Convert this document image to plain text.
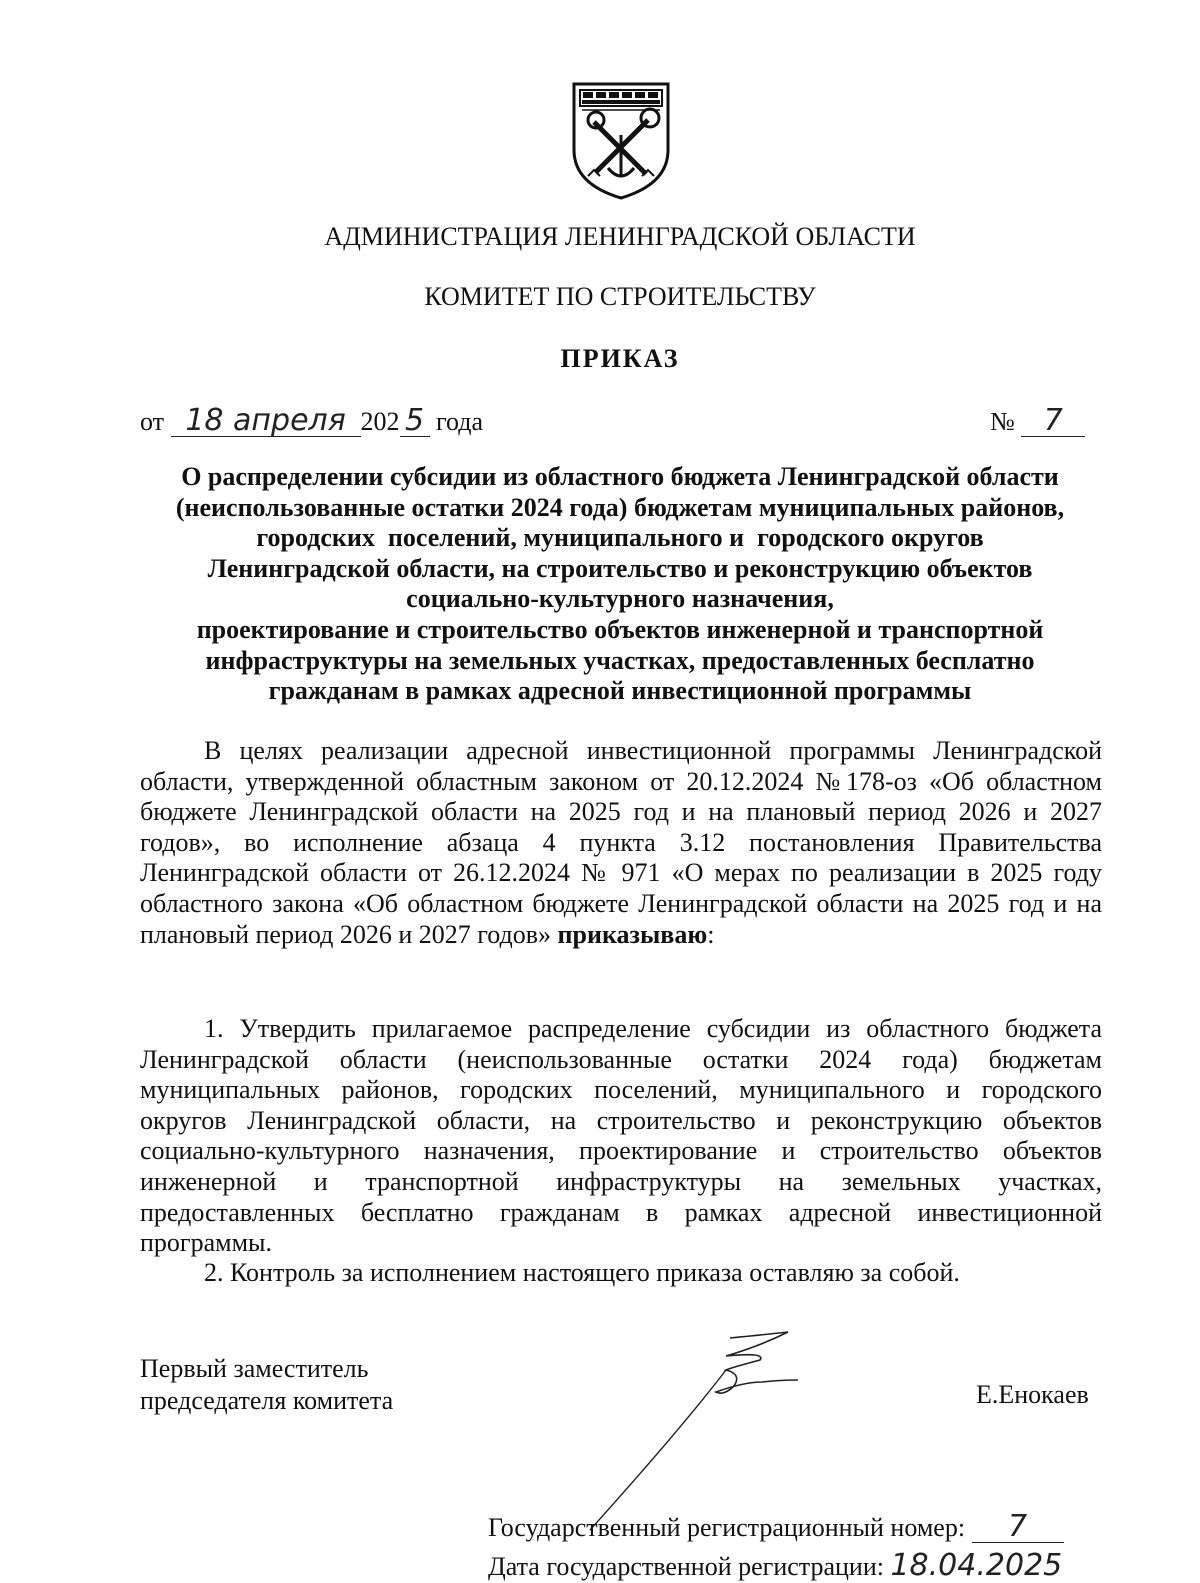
АДМИНИСТРАЦИЯ ЛЕНИНГРАДСКОЙ ОБЛАСТИ
КОМИТЕТ ПО СТРОИТЕЛЬСТВУ
ПРИКАЗ
от 18 апреля 202 5 года	№ 7
О распределении субсидии из областного бюджета Ленинградской области
(неиспользованные остатки 2024 года) бюджетам муниципальных районов,
городских  поселений, муниципального и  городского округов
Ленинградской области, на строительство и реконструкцию объектов
социально-культурного назначения,
проектирование и строительство объектов инженерной и транспортной
инфраструктуры на земельных участках, предоставленных бесплатно
гражданам в рамках адресной инвестиционной программы
В целях реализации адресной инвестиционной программы Ленинградской области, утвержденной областным законом от 20.12.2024 №178-оз «Об областном бюджете Ленинградской области на 2025 год и на плановый период 2026 и 2027 годов», во исполнение абзаца 4 пункта 3.12 постановления Правительства Ленинградской области от 26.12.2024 № 971 «О мерах по реализации в 2025 году областного закона «Об областном бюджете Ленинградской области на 2025 год и на плановый период 2026 и 2027 годов» приказываю:
1. Утвердить прилагаемое распределение субсидии из областного бюджета Ленинградской области (неиспользованные остатки 2024 года) бюджетам муниципальных районов, городских поселений, муниципального и городского округов Ленинградской области, на строительство и реконструкцию объектов социально-культурного назначения, проектирование и строительство объектов инженерной и транспортной инфраструктуры на земельных участках, предоставленных бесплатно гражданам в рамках адресной инвестиционной программы.
2. Контроль за исполнением настоящего приказа оставляю за собой.
Первый заместитель
председателя комитета	Е.Енокаев
Государственный регистрационный номер: 7
Дата государственной регистрации: 18.04.2025
